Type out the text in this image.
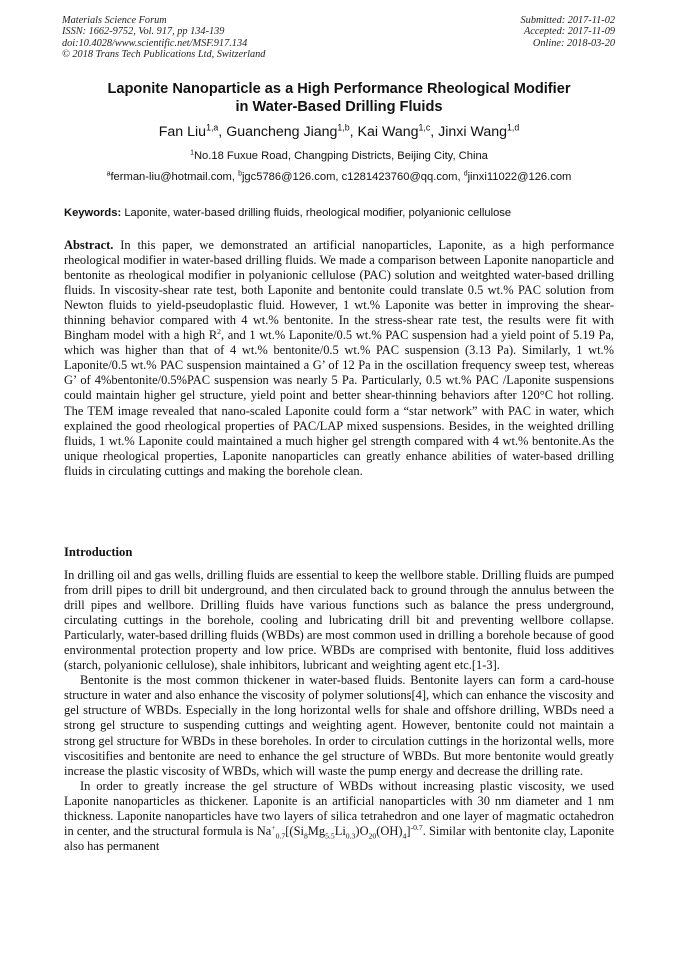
Materials Science Forum
ISSN: 1662-9752, Vol. 917, pp 134-139
doi:10.4028/www.scientific.net/MSF.917.134
© 2018 Trans Tech Publications Ltd, Switzerland
Submitted: 2017-11-02
Accepted: 2017-11-09
Online: 2018-03-20
Laponite Nanoparticle as a High Performance Rheological Modifier
in Water-Based Drilling Fluids
Fan Liu$^{1,a}$, Guancheng Jiang$^{1,b}$, Kai Wang$^{1,c}$, Jinxi Wang$^{1,d}$
$^1$No.18 Fuxue Road, Changping Districts, Beijing City, China
$^a$ferman-liu@hotmail.com, $^b$jgc5786@126.com, c1281423760@qq.com, $^d$jinxi11022@126.com
Keywords: Laponite, water-based drilling fluids, rheological modifier, polyanionic cellulose
Abstract. In this paper, we demonstrated an artificial nanoparticles, Laponite, as a high performance rheological modifier in water-based drilling fluids. We made a comparison between Laponite nanoparticle and bentonite as rheological modifier in polyanionic cellulose (PAC) solution and weitghted water-based drilling fluids. In viscosity-shear rate test, both Laponite and bentonite could translate 0.5 wt.% PAC solution from Newton fluids to yield-pseudoplastic fluid. However, 1 wt.% Laponite was better in improving the shear-thinning behavior compared with 4 wt.% bentonite. In the stress-shear rate test, the results were fit with Bingham model with a high $R^2$, and 1 wt.% Laponite/0.5 wt.% PAC suspension had a yield point of 5.19 Pa, which was higher than that of 4 wt.% bentonite/0.5 wt.% PAC suspension (3.13 Pa). Similarly, 1 wt.% Laponite/0.5 wt.% PAC suspension maintained a G’ of 12 Pa in the oscillation frequency sweep test, whereas G’ of 4%bentonite/0.5%PAC suspension was nearly 5 Pa. Particularly, 0.5 wt.% PAC /Laponite suspensions could maintain higher gel structure, yield point and better shear-thinning behaviors after 120°C hot rolling. The TEM image revealed that nano-scaled Laponite could form a “star network” with PAC in water, which explained the good rheological properties of PAC/LAP mixed suspensions. Besides, in the weighted drilling fluids, 1 wt.% Laponite could maintained a much higher gel strength compared with 4 wt.% bentonite.As the unique rheological properties, Laponite nanoparticles can greatly enhance abilities of water-based drilling fluids in circulating cuttings and making the borehole clean.
Introduction

In drilling oil and gas wells, drilling fluids are essential to keep the wellbore stable. Drilling fluids are pumped from drill pipes to drill bit underground, and then circulated back to ground through the annulus between the drill pipes and wellbore. Drilling fluids have various functions such as balance the press underground, circulating cuttings in the borehole, cooling and lubricating drill bit and preventing wellbore collapse. Particularly, water-based drilling fluids (WBDs) are most common used in drilling a borehole because of good environmental protection property and low price. WBDs are comprised with bentonite, fluid loss additives (starch, polyanionic cellulose), shale inhibitors, lubricant and weighting agent etc.[1-3].

Bentonite is the most common thickener in water-based fluids. Bentonite layers can form a card-house structure in water and also enhance the viscosity of polymer solutions[4], which can enhance the viscosity and gel structure of WBDs. Especially in the long horizontal wells for shale and offshore drilling, WBDs need a strong gel structure to suspending cuttings and weighting agent. However, bentonite could not maintain a strong gel structure for WBDs in these boreholes. In order to circulation cuttings in the horizontal wells, more viscositifies and bentonite are need to enhance the gel structure of WBDs. But more bentonite would greatly increase the plastic viscosity of WBDs, which will waste the pump energy and decrease the drilling rate.

In order to greatly increase the gel structure of WBDs without increasing plastic viscosity, we used Laponite nanoparticles as thickener. Laponite is an artificial nanoparticles with 30 nm diameter and 1 nm thickness. Laponite nanoparticles have two layers of silica tetrahedron and one layer of magmatic octahedron in center, and the structural formula is $Na^+_{0.7}[(Si_8Mg_{5.5}Li_{0.3})O_{20}(OH)_4]^{-0.7}$. Similar with bentonite clay, Laponite also has permanent
